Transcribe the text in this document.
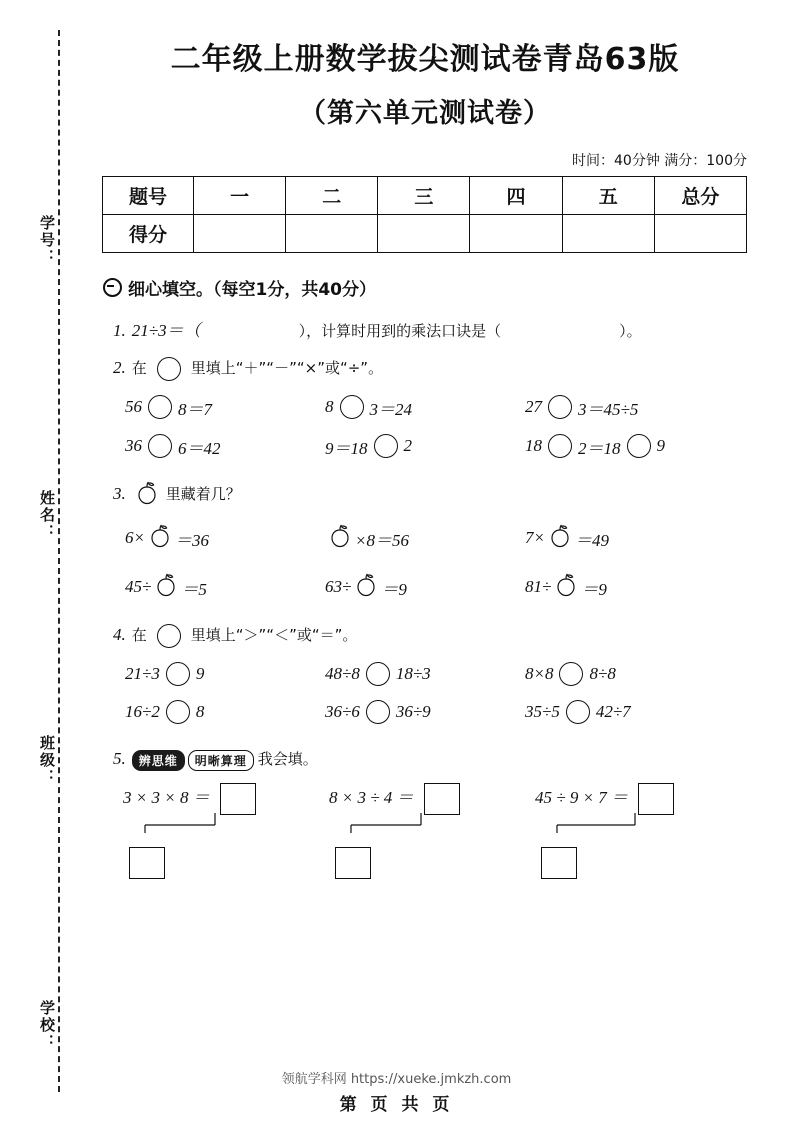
学号：
姓名：
班级：
学校：
二年级上册数学拔尖测试卷青岛63版
（第六单元测试卷）
时间：40分钟 满分：100分
题号	一	二	三	四	五	总分
得分						
细心填空。（每空1分，共40分）
1. 21÷3＝（	），计算时用到的乘法口诀是（	）。
2. 在	里填上“＋”“－”“×”或“÷”。
56 8＝7	8 3＝24	27 3＝45÷5
36 6＝42	9＝18 2	18 2＝18 9
3.	里藏着几？
6× ＝36	×8＝56	7× ＝49
45÷ ＝5	63÷ ＝9	81÷ ＝9
4. 在	里填上“＞”“＜”或“＝”。
21÷3 9	48÷8 18÷3	8×8 8÷8
16÷2 8	36÷6 36÷9	35÷5 42÷7
5.	辨思维	明晰算理 我会填。
3 × 3 × 8 ＝	8 × 3 ÷ 4 ＝	45 ÷ 9 × 7 ＝
领航学科网 https://xueke.jmkzh.com
第 页 共 页
